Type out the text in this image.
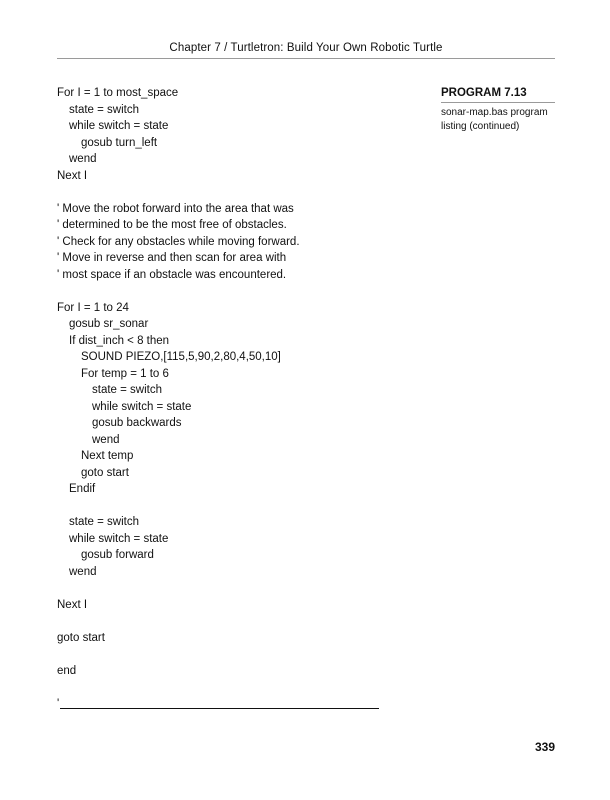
Chapter 7 / Turtletron: Build Your Own Robotic Turtle
For I = 1 to most_space
state = switch
while switch = state
gosub turn_left
wend
Next I
' Move the robot forward into the area that was
' determined to be the most free of obstacles.
' Check for any obstacles while moving forward.
' Move in reverse and then scan for area with
' most space if an obstacle was encountered.
For I = 1 to 24
gosub sr_sonar
If dist_inch < 8 then
SOUND PIEZO,[115,5,90,2,80,4,50,10]
For temp = 1 to 6
state = switch
while switch = state
gosub backwards
wend
Next temp
goto start
Endif
state = switch
while switch = state
gosub forward
wend
Next I
goto start
end
'
PROGRAM 7.13
sonar-map.bas program
listing (continued)
339
